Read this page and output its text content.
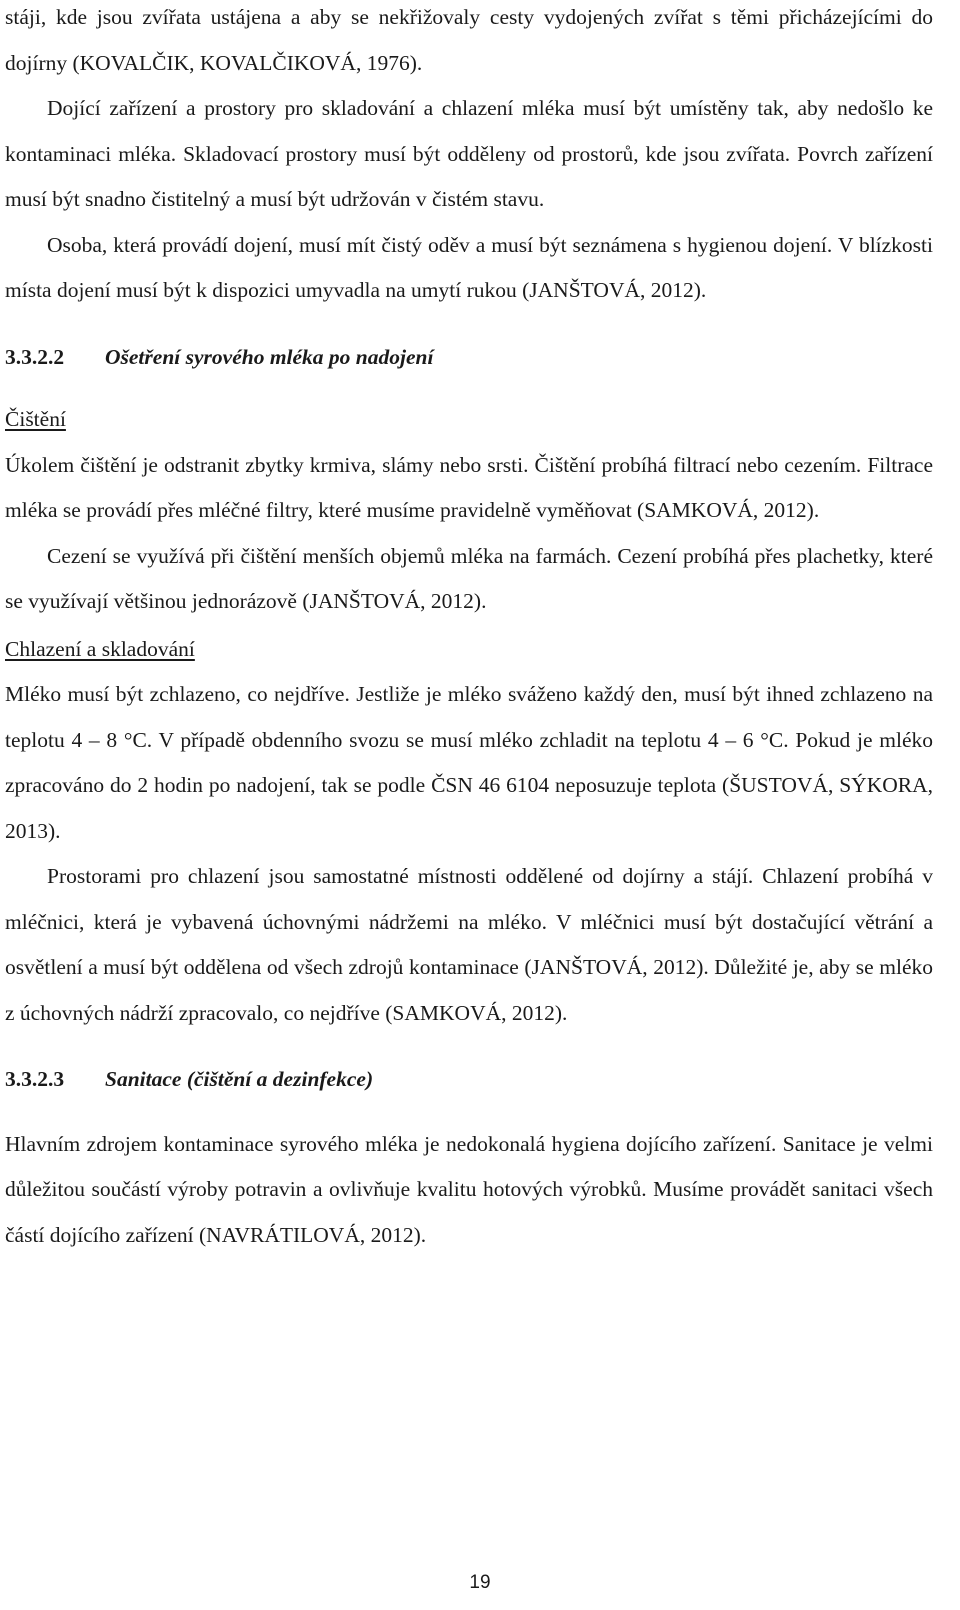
stáji, kde jsou zvířata ustájena a aby se nekřižovaly cesty vydojených zvířat s těmi přicházejícími do dojírny (KOVALČIK, KOVALČIKOVÁ, 1976).

Dojící zařízení a prostory pro skladování a chlazení mléka musí být umístěny tak, aby nedošlo ke kontaminaci mléka. Skladovací prostory musí být odděleny od prostorů, kde jsou zvířata. Povrch zařízení musí být snadno čistitelný a musí být udržován v čistém stavu.

Osoba, která provádí dojení, musí mít čistý oděv a musí být seznámena s hygienou dojení. V blízkosti místa dojení musí být k dispozici umyvadla na umytí rukou (JANŠTOVÁ, 2012).

3.3.2.2	Ošetření syrového mléka po nadojení
Čištění

Úkolem čištění je odstranit zbytky krmiva, slámy nebo srsti. Čištění probíhá filtrací nebo cezením. Filtrace mléka se provádí přes mléčné filtry, které musíme pravidelně vyměňovat (SAMKOVÁ, 2012).

Cezení se využívá při čištění menších objemů mléka na farmách. Cezení probíhá přes plachetky, které se využívají většinou jednorázově (JANŠTOVÁ, 2012).

Chlazení a skladování

Mléko musí být zchlazeno, co nejdříve. Jestliže je mléko sváženo každý den, musí být ihned zchlazeno na teplotu 4 – 8 °C. V případě obdenního svozu se musí mléko zchladit na teplotu 4 – 6 °C. Pokud je mléko zpracováno do 2 hodin po nadojení, tak se podle ČSN 46 6104 neposuzuje teplota (ŠUSTOVÁ, SÝKORA, 2013).

Prostorami pro chlazení jsou samostatné místnosti oddělené od dojírny a stájí. Chlazení probíhá v mléčnici, která je vybavená úchovnými nádržemi na mléko. V mléčnici musí být dostačující větrání a osvětlení a musí být oddělena od všech zdrojů kontaminace (JANŠTOVÁ, 2012). Důležité je, aby se mléko z úchovných nádrží zpracovalo, co nejdříve (SAMKOVÁ, 2012).

3.3.2.3	Sanitace (čištění a dezinfekce)

Hlavním zdrojem kontaminace syrového mléka je nedokonalá hygiena dojícího zařízení. Sanitace je velmi důležitou součástí výroby potravin a ovlivňuje kvalitu hotových výrobků. Musíme provádět sanitaci všech částí dojícího zařízení (NAVRÁTILOVÁ, 2012).

19
